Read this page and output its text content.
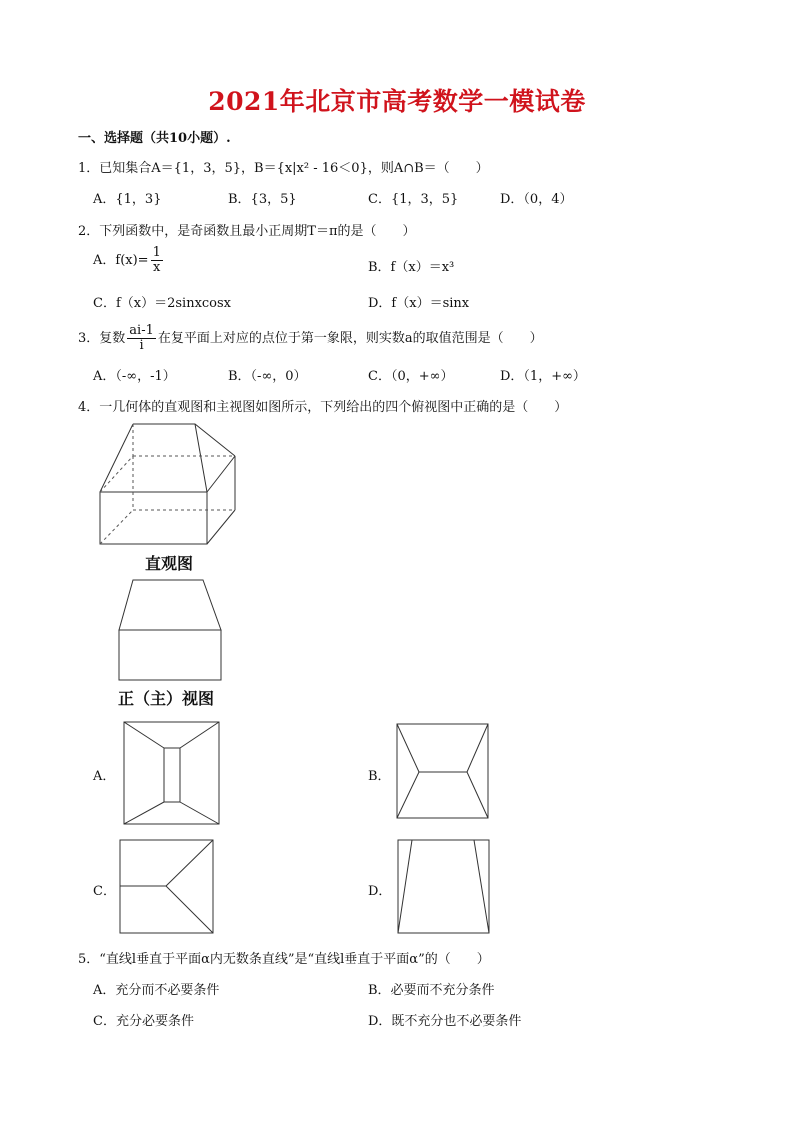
2021年北京市高考数学一模试卷
一、选择题（共10小题）.
1．已知集合A＝{1，3，5}，B＝{x|x² - 16＜0}，则A∩B＝（　　）
A．{1，3}	B．{3，5}	C．{1，3，5}	D．（0，4）
2．下列函数中，是奇函数且最小正周期T＝π的是（　　）
A．$f(x)= \frac{1}{x}$	B．f（x）＝x³
C．f（x）＝2sinxcosx	D．f（x）＝sinx
3．复数 $\frac{ai-1}{i}$ 在复平面上对应的点位于第一象限，则实数a的取值范围是（　　）
A．（-∞，-1）	B．（-∞，0）	C．（0，+∞）	D．（1，+∞）
4．一几何体的直观图和主视图如图所示，下列给出的四个俯视图中正确的是（　　）
直观图
正（主）视图
A．	B．
C．	D．
5．“直线l垂直于平面α内无数条直线”是“直线l垂直于平面α”的（　　）
A．充分而不必要条件	B．必要而不充分条件
C．充分必要条件	D．既不充分也不必要条件
